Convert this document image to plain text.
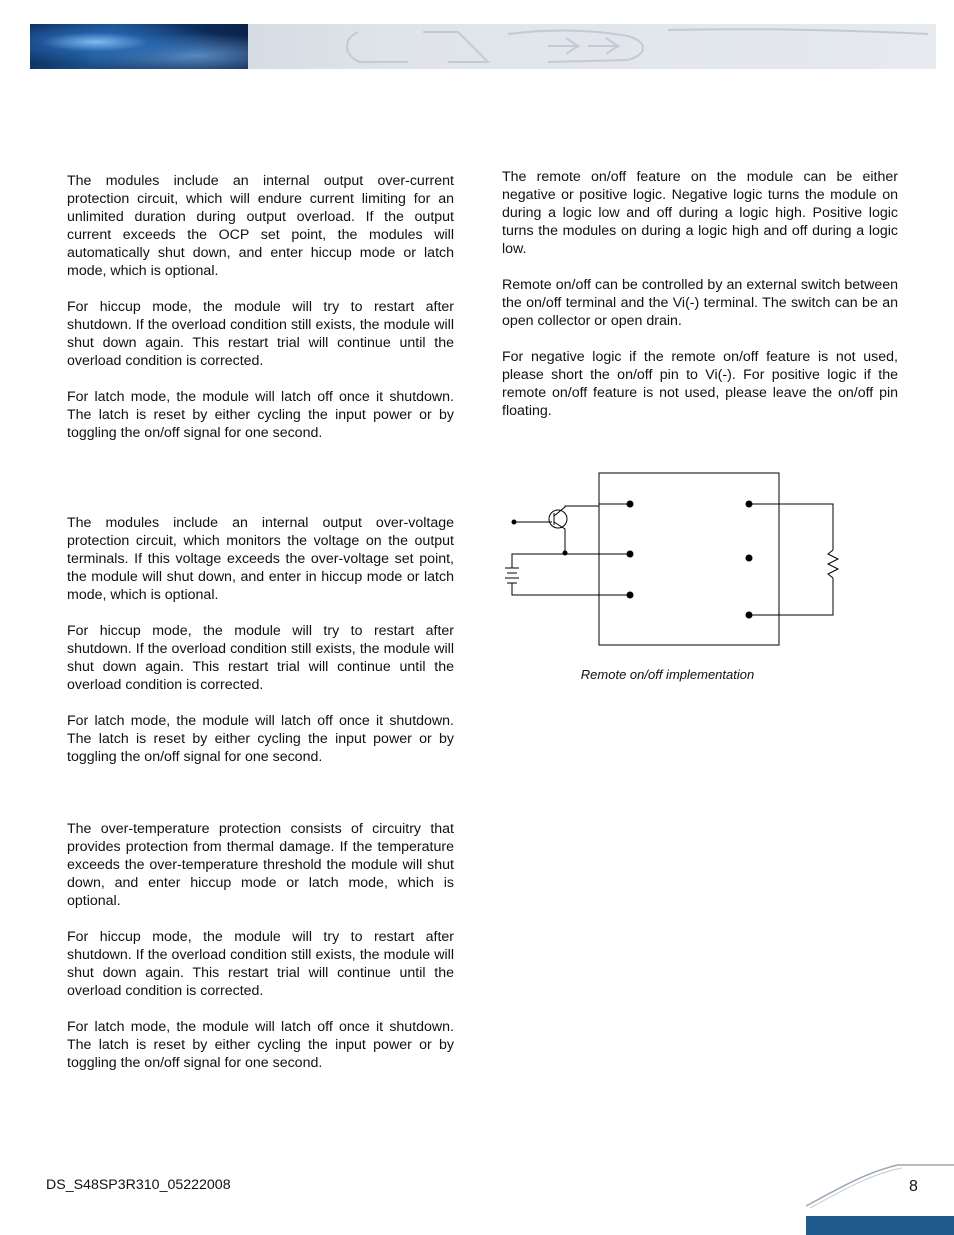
The modules include an internal output over-current protection circuit, which will endure current limiting for an unlimited duration during output overload. If the output current exceeds the OCP set point, the modules will automatically shut down, and enter hiccup mode or latch mode, which is optional.

For hiccup mode, the module will try to restart after shutdown. If the overload condition still exists, the module will shut down again. This restart trial will continue until the overload condition is corrected.

For latch mode, the module will latch off once it shutdown. The latch is reset by either cycling the input power or by toggling the on/off signal for one second.

The modules include an internal output over-voltage protection circuit, which monitors the voltage on the output terminals. If this voltage exceeds the over-voltage set point, the module will shut down, and enter in hiccup mode or latch mode, which is optional.

For hiccup mode, the module will try to restart after shutdown. If the overload condition still exists, the module will shut down again. This restart trial will continue until the overload condition is corrected.

For latch mode, the module will latch off once it shutdown. The latch is reset by either cycling the input power or by toggling the on/off signal for one second.

The over-temperature protection consists of circuitry that provides protection from thermal damage. If the temperature exceeds the over-temperature threshold the module will shut down, and enter hiccup mode or latch mode, which is optional.

For hiccup mode, the module will try to restart after shutdown. If the overload condition still exists, the module will shut down again. This restart trial will continue until the overload condition is corrected.

For latch mode, the module will latch off once it shutdown. The latch is reset by either cycling the input power or by toggling the on/off signal for one second.

The remote on/off feature on the module can be either negative or positive logic. Negative logic turns the module on during a logic low and off during a logic high. Positive logic turns the modules on during a logic high and off during a logic low.

Remote on/off can be controlled by an external switch between the on/off terminal and the Vi(-) terminal. The switch can be an open collector or open drain.

For negative logic if the remote on/off feature is not used, please short the on/off pin to Vi(-). For positive logic if the remote on/off feature is not used, please leave the on/off pin floating.

Remote on/off implementation
DS_S48SP3R310_05222008	8
